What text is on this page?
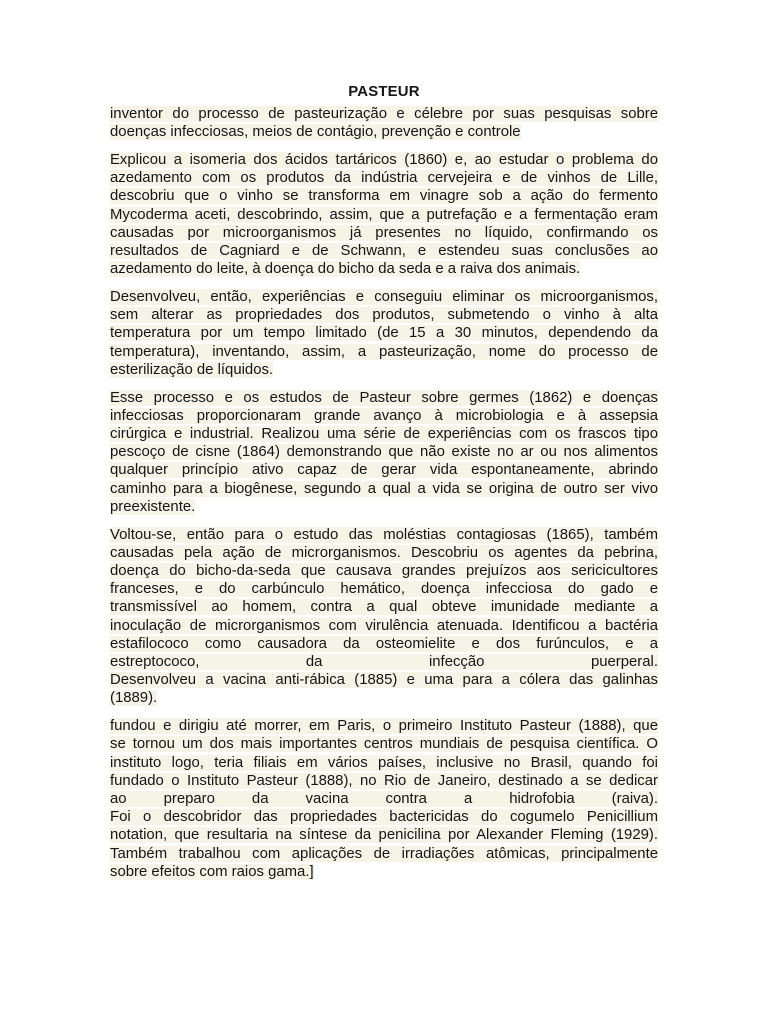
PASTEUR
inventor do processo de pasteurização e célebre por suas pesquisas sobre
doenças infecciosas, meios de contágio, prevenção e controle
Explicou a isomeria dos ácidos tartáricos (1860) e, ao estudar o problema do
azedamento com os produtos da indústria cervejeira e de vinhos de Lille,
descobriu que o vinho se transforma em vinagre sob a ação do fermento
Mycoderma aceti, descobrindo, assim, que a putrefação e a fermentação eram
causadas por microorganismos já presentes no líquido, confirmando os
resultados de Cagniard e de Schwann, e estendeu suas conclusões ao
azedamento do leite, à doença do bicho da seda e a raiva dos animais.
Desenvolveu, então, experiências e conseguiu eliminar os microorganismos,
sem alterar as propriedades dos produtos, submetendo o vinho à alta
temperatura por um tempo limitado (de 15 a 30 minutos, dependendo da
temperatura), inventando, assim, a pasteurização, nome do processo de
esterilização de líquidos.
Esse processo e os estudos de Pasteur sobre germes (1862) e doenças
infecciosas proporcionaram grande avanço à microbiologia e à assepsia
cirúrgica e industrial. Realizou uma série de experiências com os frascos tipo
pescoço de cisne (1864) demonstrando que não existe no ar ou nos alimentos
qualquer princípio ativo capaz de gerar vida espontaneamente, abrindo
caminho para a biogênese, segundo a qual a vida se origina de outro ser vivo
preexistente.
Voltou-se, então para o estudo das moléstias contagiosas (1865), também
causadas pela ação de microrganismos. Descobriu os agentes da pebrina,
doença do bicho-da-seda que causava grandes prejuízos aos sericicultores
franceses, e do carbúnculo hemático, doença infecciosa do gado e
transmissível ao homem, contra a qual obteve imunidade mediante a
inoculação de microrganismos com virulência atenuada. Identificou a bactéria
estafilococo como causadora da osteomielite e dos furúnculos, e a
estreptococo, da infecção puerperal.
Desenvolveu a vacina anti-rábica (1885) e uma para a cólera das galinhas
(1889).
fundou e dirigiu até morrer, em Paris, o primeiro Instituto Pasteur (1888), que
se tornou um dos mais importantes centros mundiais de pesquisa científica. O
instituto logo, teria filiais em vários países, inclusive no Brasil, quando foi
fundado o Instituto Pasteur (1888), no Rio de Janeiro, destinado a se dedicar
ao preparo da vacina contra a hidrofobia (raiva).
Foi o descobridor das propriedades bactericidas do cogumelo Penicillium
notation, que resultaria na síntese da penicilina por Alexander Fleming (1929).
Também trabalhou com aplicações de irradiações atômicas, principalmente
sobre efeitos com raios gama.]
